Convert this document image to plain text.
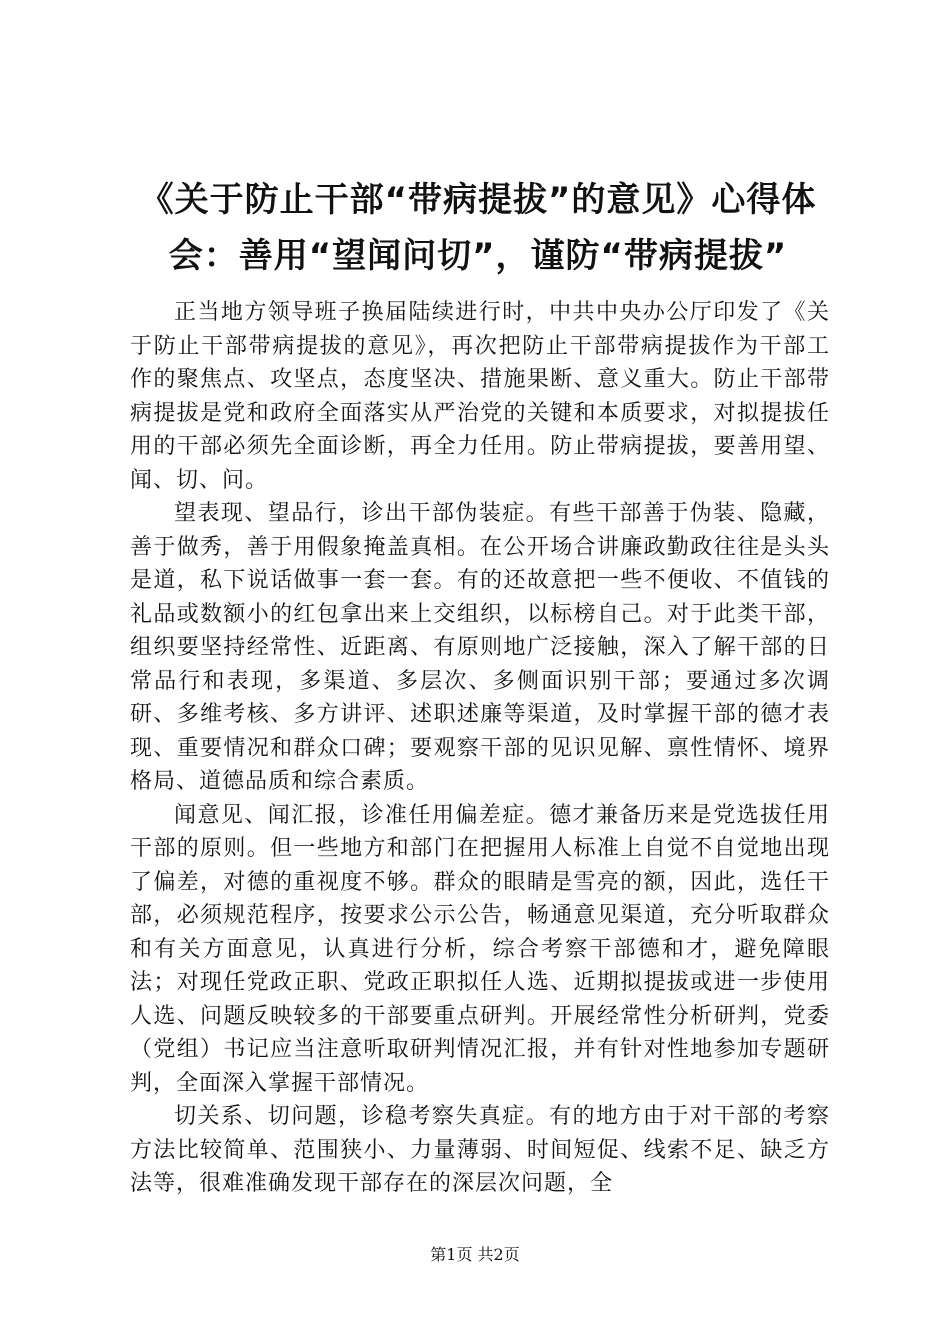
《关于防止干部“带病提拔”的意见》心得体会：善用“望闻问切”，谨防“带病提拔”

正当地方领导班子换届陆续进行时，中共中央办公厅印发了《关于防止干部带病提拔的意见》，再次把防止干部带病提拔作为干部工作的聚焦点、攻坚点，态度坚决、措施果断、意义重大。防止干部带病提拔是党和政府全面落实从严治党的关键和本质要求，对拟提拔任用的干部必须先全面诊断，再全力任用。防止带病提拔，要善用望、闻、切、问。

望表现、望品行，诊出干部伪装症。有些干部善于伪装、隐藏，善于做秀，善于用假象掩盖真相。在公开场合讲廉政勤政往往是头头是道，私下说话做事一套一套。有的还故意把一些不便收、不值钱的礼品或数额小的红包拿出来上交组织，以标榜自己。对于此类干部，组织要坚持经常性、近距离、有原则地广泛接触，深入了解干部的日常品行和表现，多渠道、多层次、多侧面识别干部；要通过多次调研、多维考核、多方讲评、述职述廉等渠道，及时掌握干部的德才表现、重要情况和群众口碑；要观察干部的见识见解、禀性情怀、境界格局、道德品质和综合素质。

闻意见、闻汇报，诊准任用偏差症。德才兼备历来是党选拔任用干部的原则。但一些地方和部门在把握用人标准上自觉不自觉地出现了偏差，对德的重视度不够。群众的眼睛是雪亮的额，因此，选任干部，必须规范程序，按要求公示公告，畅通意见渠道，充分听取群众和有关方面意见，认真进行分析，综合考察干部德和才，避免障眼法；对现任党政正职、党政正职拟任人选、近期拟提拔或进一步使用人选、问题反映较多的干部要重点研判。开展经常性分析研判，党委（党组）书记应当注意听取研判情况汇报，并有针对性地参加专题研判，全面深入掌握干部情况。

切关系、切问题，诊稳考察失真症。有的地方由于对干部的考察方法比较简单、范围狭小、力量薄弱、时间短促、线索不足、缺乏方法等，很难准确发现干部存在的深层次问题，全

第1页 共2页
